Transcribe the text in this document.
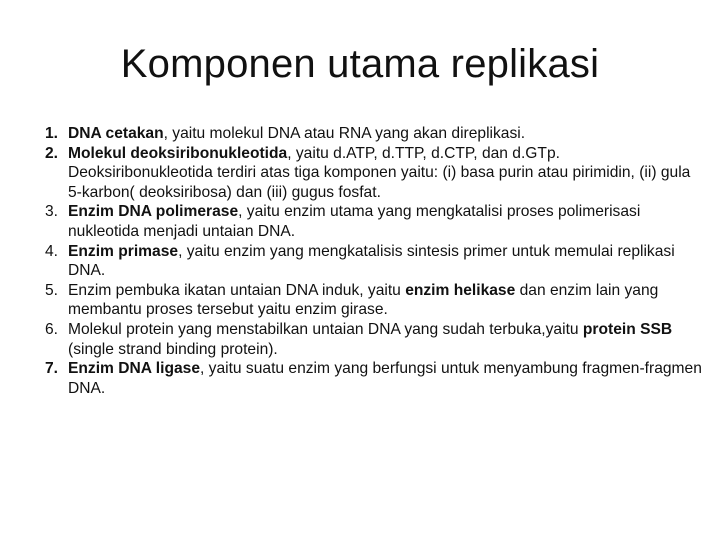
Komponen utama replikasi
1. DNA cetakan, yaitu molekul DNA atau RNA yang akan direplikasi.
2. Molekul deoksiribonukleotida, yaitu d.ATP, d.TTP, d.CTP, dan d.GTp. Deoksiribonukleotida terdiri atas tiga komponen yaitu: (i) basa purin atau pirimidin, (ii) gula 5-karbon( deoksiribosa) dan (iii) gugus fosfat.
3. Enzim DNA polimerase, yaitu enzim utama yang mengkatalisi proses polimerisasi nukleotida menjadi untaian DNA.
4. Enzim primase, yaitu enzim yang mengkatalisis sintesis primer untuk memulai replikasi DNA.
5. Enzim pembuka ikatan untaian DNA induk, yaitu enzim helikase dan enzim lain yang membantu proses tersebut yaitu enzim girase.
6. Molekul protein yang menstabilkan untaian DNA yang sudah terbuka,yaitu protein SSB (single strand binding protein).
7. Enzim DNA ligase, yaitu suatu enzim yang berfungsi untuk menyambung fragmen-fragmen DNA.
